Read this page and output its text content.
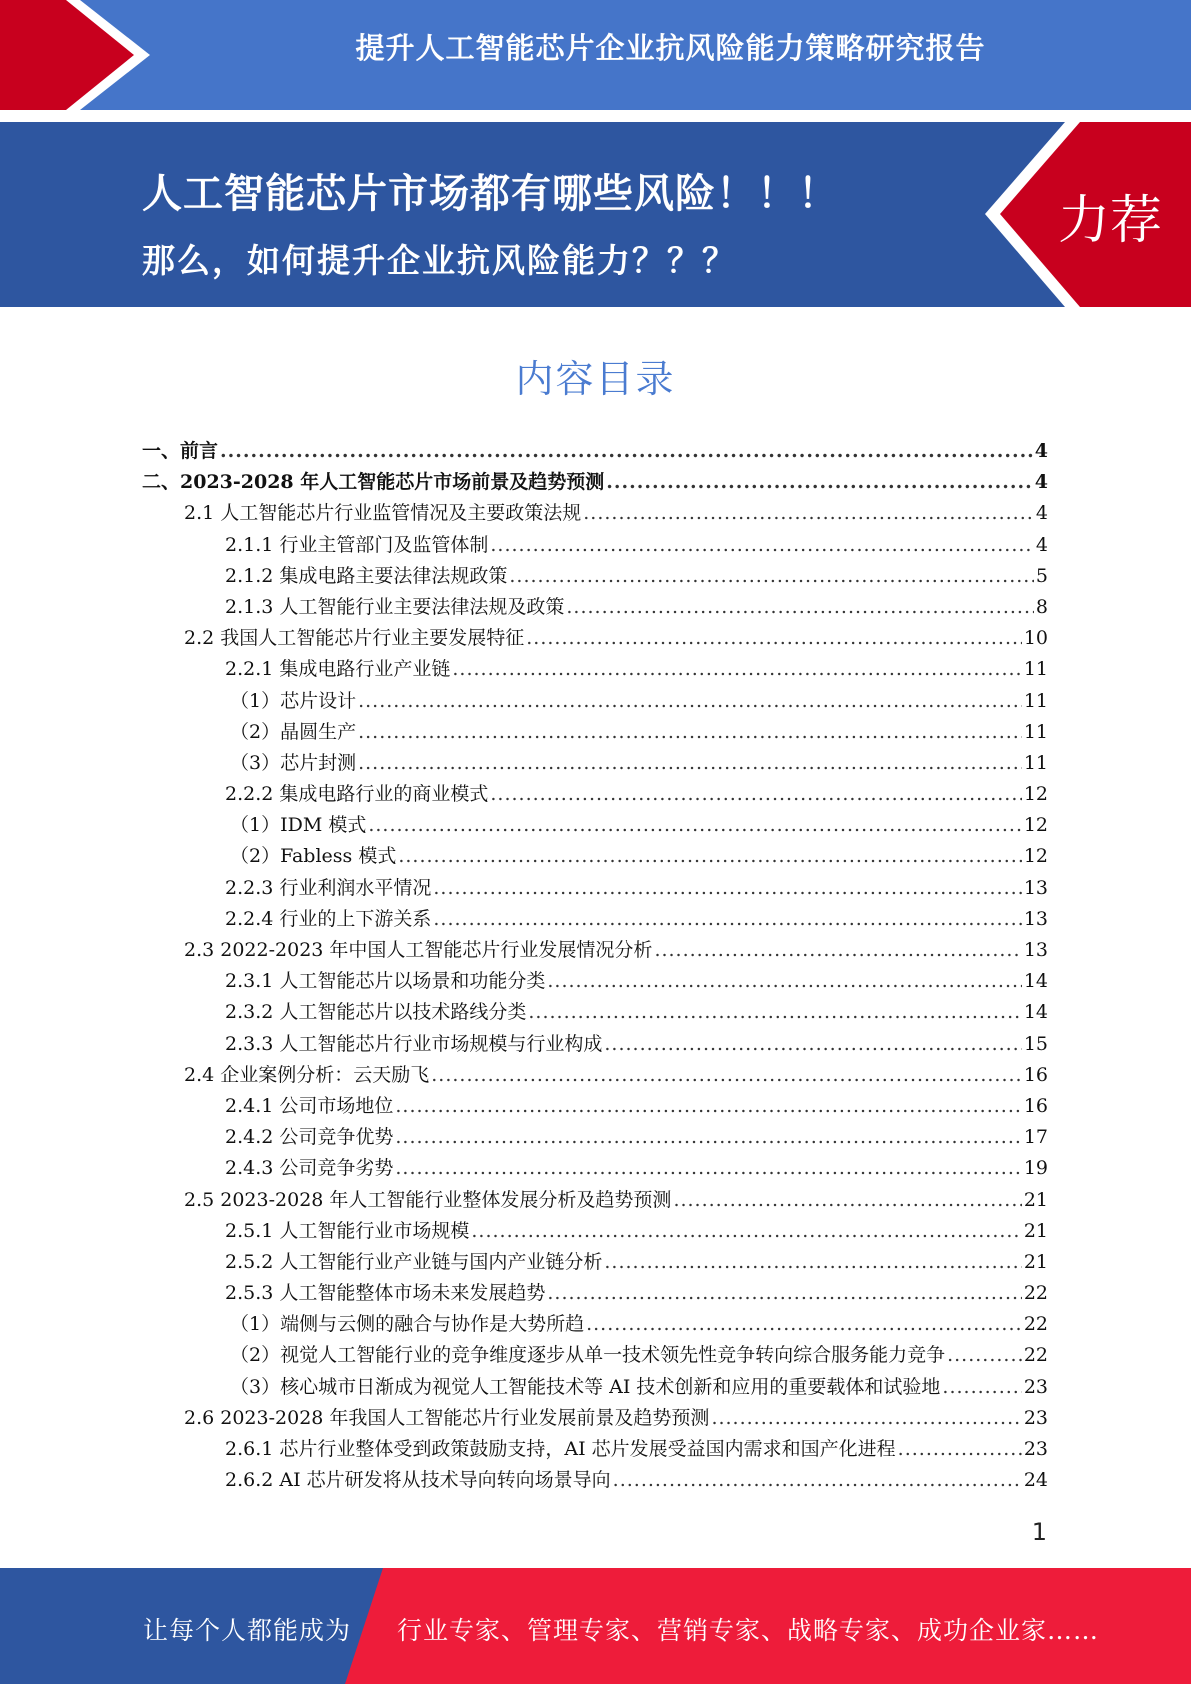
提升人工智能芯片企业抗风险能力策略研究报告
人工智能芯片市场都有哪些风险！！！
那么，如何提升企业抗风险能力？？？
力荐
内容目录
一、前言 .....	4
二、2023-2028 年人工智能芯片市场前景及趋势预测 .....	4
2.1 人工智能芯片行业监管情况及主要政策法规 .....	4
2.1.1 行业主管部门及监管体制 .....	4
2.1.2 集成电路主要法律法规政策 .....	5
2.1.3 人工智能行业主要法律法规及政策 .....	8
2.2 我国人工智能芯片行业主要发展特征 .....	10
2.2.1 集成电路行业产业链 .....	11
（1）芯片设计 .....	11
（2）晶圆生产 .....	11
（3）芯片封测 .....	11
2.2.2 集成电路行业的商业模式 .....	12
（1）IDM 模式 .....	12
（2）Fabless 模式 .....	12
2.2.3 行业利润水平情况 .....	13
2.2.4 行业的上下游关系 .....	13
2.3 2022-2023 年中国人工智能芯片行业发展情况分析 .....	13
2.3.1 人工智能芯片以场景和功能分类 .....	14
2.3.2 人工智能芯片以技术路线分类 .....	14
2.3.3 人工智能芯片行业市场规模与行业构成 .....	15
2.4 企业案例分析：云天励飞 .....	16
2.4.1 公司市场地位 .....	16
2.4.2 公司竞争优势 .....	17
2.4.3 公司竞争劣势 .....	19
2.5 2023-2028 年人工智能行业整体发展分析及趋势预测 .....	21
2.5.1 人工智能行业市场规模 .....	21
2.5.2 人工智能行业产业链与国内产业链分析 .....	21
2.5.3 人工智能整体市场未来发展趋势 .....	22
（1）端侧与云侧的融合与协作是大势所趋 .....	22
（2）视觉人工智能行业的竞争维度逐步从单一技术领先性竞争转向综合服务能力竞争 .....	22
（3）核心城市日渐成为视觉人工智能技术等 AI 技术创新和应用的重要载体和试验地 .....	23
2.6 2023-2028 年我国人工智能芯片行业发展前景及趋势预测 .....	23
2.6.1 芯片行业整体受到政策鼓励支持，AI 芯片发展受益国内需求和国产化进程 .....	23
2.6.2 AI 芯片研发将从技术导向转向场景导向 .....	24
1
让每个人都能成为 行业专家、管理专家、营销专家、战略专家、成功企业家……
